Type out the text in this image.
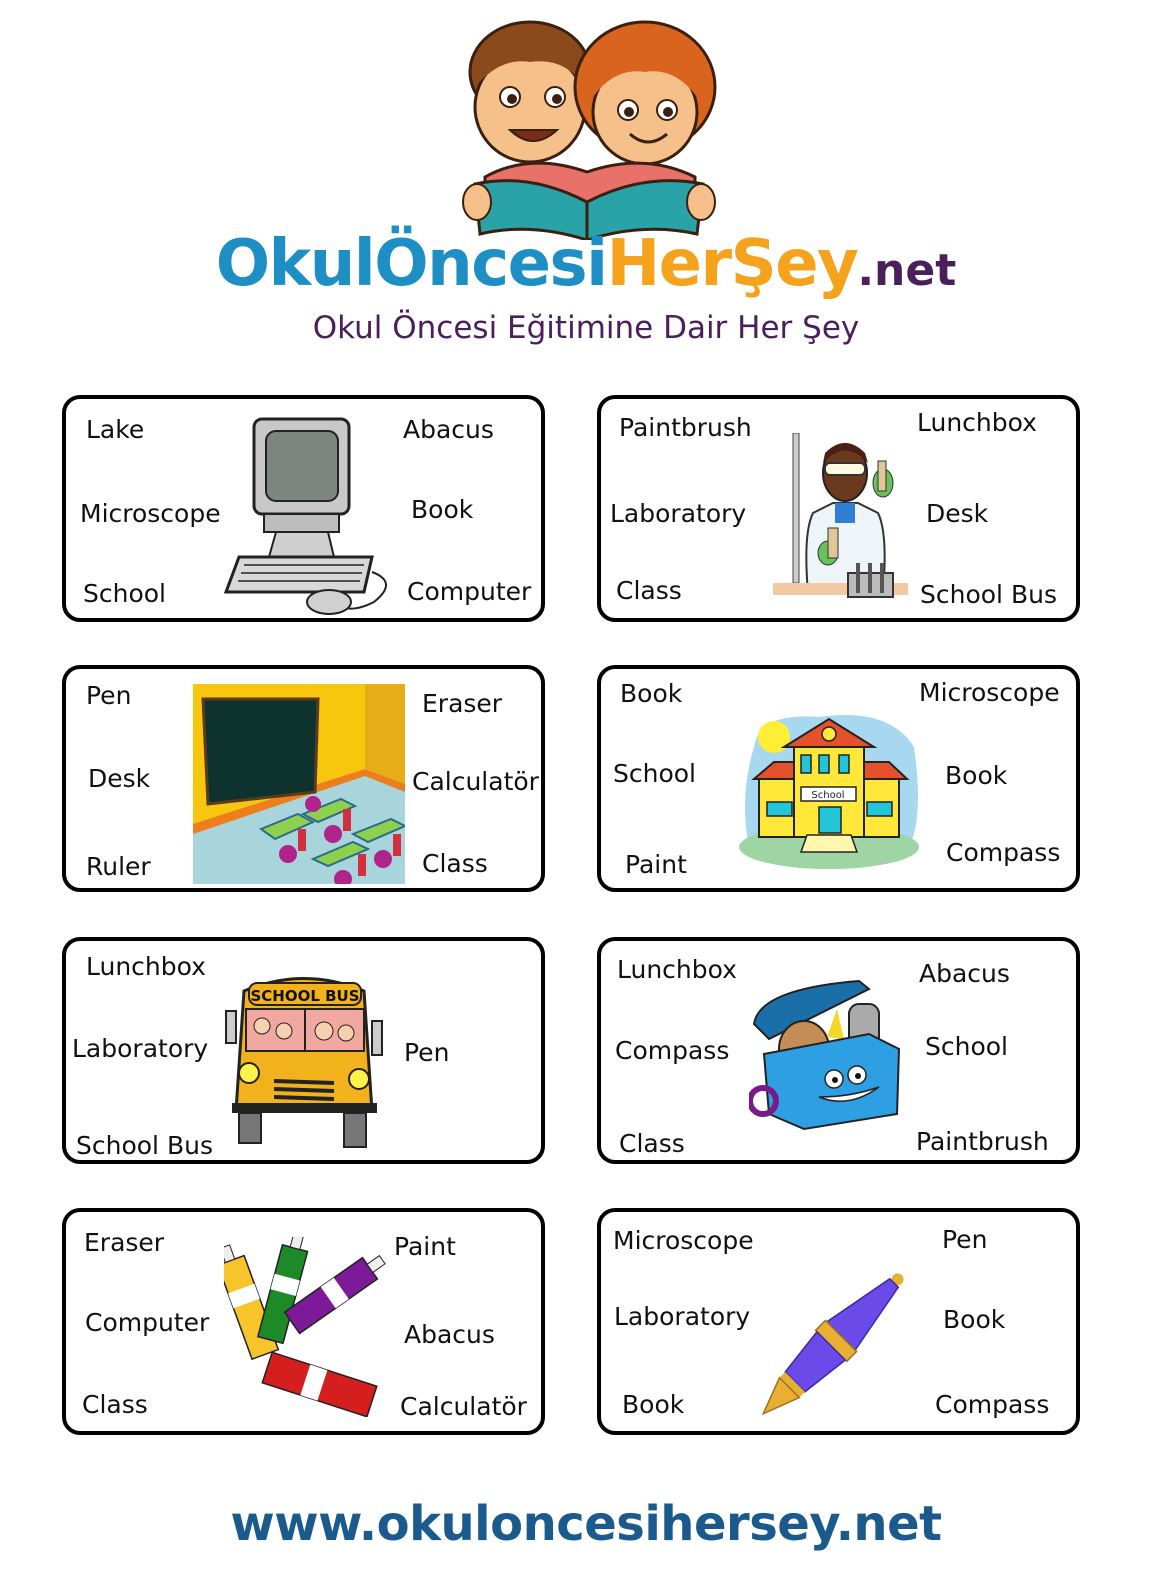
OkulÖncesiHerŞey.net
Okul Öncesi Eğitimine Dair Her Şey
Lake
Microscope
School
Abacus
Book
Computer
Paintbrush
Laboratory
Class
Lunchbox
Desk
School Bus
Pen
Desk
Ruler
Eraser
Calculatör
Class
Book
School
Paint
Microscope
Book
Compass
School
Lunchbox
Laboratory
School Bus
Pen
SCHOOL BUS
Lunchbox
Compass
Class
Abacus
School
Paintbrush
Eraser
Computer
Class
Paint
Abacus
Calculatör
Microscope
Laboratory
Book
Pen
Book
Compass
www.okuloncesihersey.net
